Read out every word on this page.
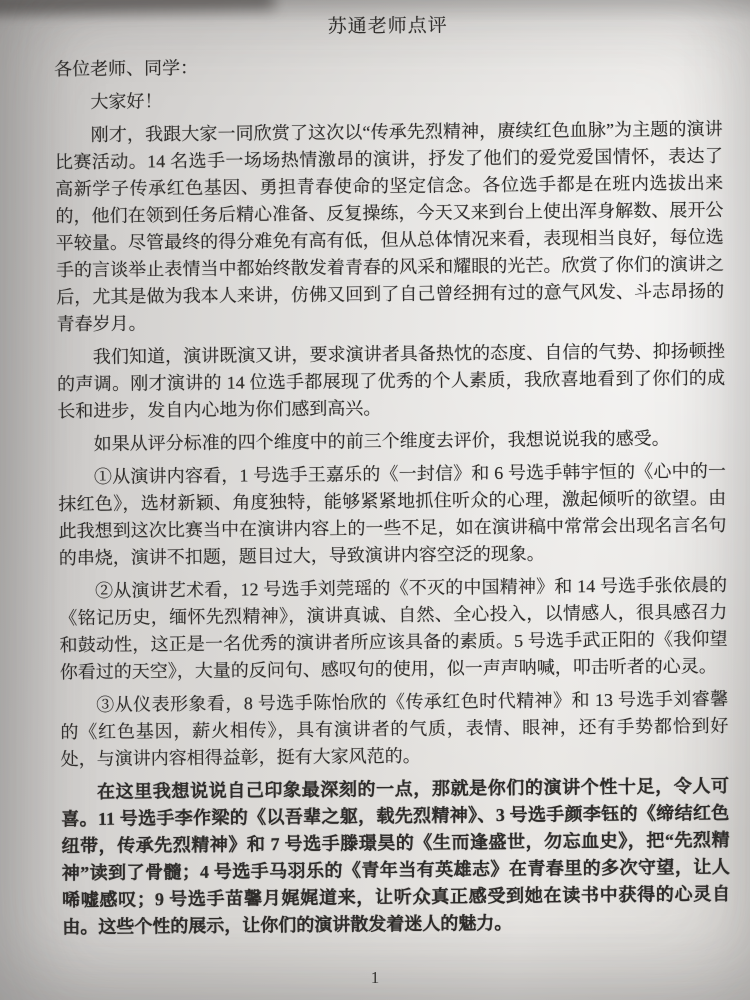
苏通老师点评

各位老师、同学：

大家好！

刚才，我跟大家一同欣赏了这次以“传承先烈精神，赓续红色血脉”为主题的演讲比赛活动。14 名选手一场场热情激昂的演讲，抒发了他们的爱党爱国情怀，表达了高新学子传承红色基因、勇担青春使命的坚定信念。各位选手都是在班内选拔出来的，他们在领到任务后精心准备、反复操练，今天又来到台上使出浑身解数、展开公平较量。尽管最终的得分难免有高有低，但从总体情况来看，表现相当良好，每位选手的言谈举止表情当中都始终散发着青春的风采和耀眼的光芒。欣赏了你们的演讲之后，尤其是做为我本人来讲，仿佛又回到了自己曾经拥有过的意气风发、斗志昂扬的青春岁月。

我们知道，演讲既演又讲，要求演讲者具备热忱的态度、自信的气势、抑扬顿挫的声调。刚才演讲的 14 位选手都展现了优秀的个人素质，我欣喜地看到了你们的成长和进步，发自内心地为你们感到高兴。

如果从评分标准的四个维度中的前三个维度去评价，我想说说我的感受。

①从演讲内容看，1 号选手王嘉乐的《一封信》和 6 号选手韩宇恒的《心中的一抹红色》，选材新颖、角度独特，能够紧紧地抓住听众的心理，激起倾听的欲望。由此我想到这次比赛当中在演讲内容上的一些不足，如在演讲稿中常常会出现名言名句的串烧，演讲不扣题，题目过大，导致演讲内容空泛的现象。

②从演讲艺术看，12 号选手刘莞瑶的《不灭的中国精神》和 14 号选手张依晨的《铭记历史，缅怀先烈精神》，演讲真诚、自然、全心投入，以情感人，很具感召力和鼓动性，这正是一名优秀的演讲者所应该具备的素质。5 号选手武正阳的《我仰望你看过的天空》，大量的反问句、感叹句的使用，似一声声呐喊，叩击听者的心灵。

③从仪表形象看，8 号选手陈怡欣的《传承红色时代精神》和 13 号选手刘睿馨的《红色基因，薪火相传》，具有演讲者的气质，表情、眼神，还有手势都恰到好处，与演讲内容相得益彰，挺有大家风范的。

在这里我想说说自己印象最深刻的一点，那就是你们的演讲个性十足，令人可喜。11 号选手李作梁的《以吾辈之躯，载先烈精神》、3 号选手颜李钰的《缔结红色纽带，传承先烈精神》和 7 号选手滕璟昊的《生而逢盛世，勿忘血史》，把“先烈精神”读到了骨髓；4 号选手马羽乐的《青年当有英雄志》在青春里的多次守望，让人唏嘘感叹；9 号选手苗馨月娓娓道来，让听众真正感受到她在读书中获得的心灵自由。这些个性的展示，让你们的演讲散发着迷人的魅力。

1
